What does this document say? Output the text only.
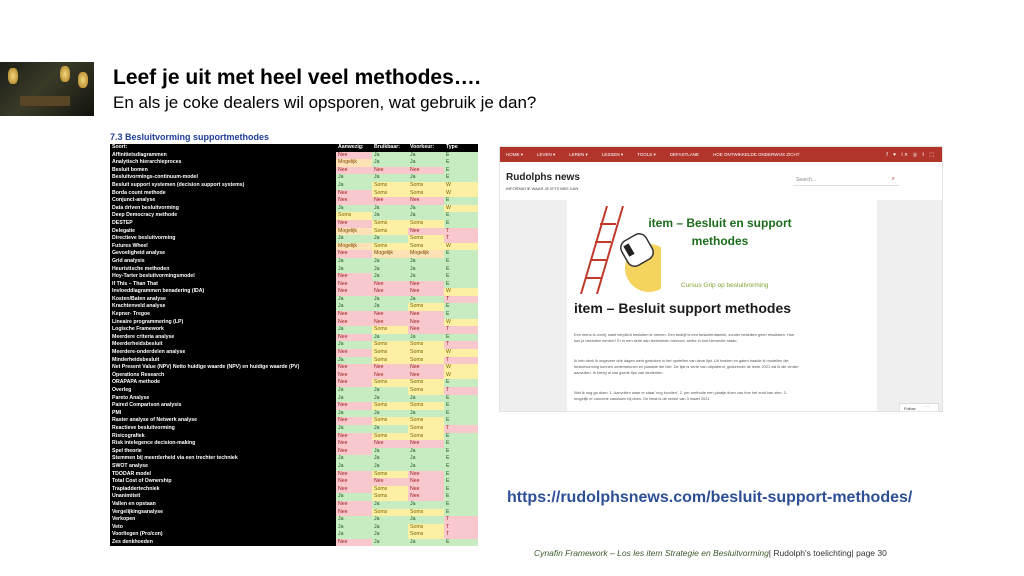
Leef je uit met heel veel methodes….
En als je coke dealers wil opsporen, wat gebruik je dan?
7.3 Besluitvorming supportmethodes
Soort:	Aanwezig:	Bruikbaar:	Voorkeur:	Type
Affinitietsdiagrammen	Nee	Ja	Ja	E
Analytisch hierarchieproces	Mogelijk	Ja	Ja	E
Besluit bomen	Nee	Nee	Nee	E
Besluitvormings-continuum-model	Ja	Ja	Ja	E
Besluit support systemen (decision support systems)	Ja	Soms	Soms	W
Borda count methode	Nee	Soms	Soms	W
Conjunct-analyse	Nee	Nee	Nee	E
Data driven besluitvorming	Ja	Ja	Ja	W
Deep Democracy methode	Soms	Ja	Ja	E
DESTEP	Nee	Soms	Soms	E
Delegatie	Mogelijk	Soms	Nee	T
Directieve besluitvorming	Ja	Ja	Soms	T
Futures Wheel	Mogelijk	Soms	Soms	W
Gevoeligheid analyse	Nee	Mogelijk	Mogelijk	E
Grid analysis	Ja	Ja	Ja	E
Heuristische methoden	Ja	Ja	Ja	E
Hoy-Tarter besluitvormingsmodel	Nee	Ja	Ja	E
If This – Than That	Nee	Nee	Nee	E
Invloeddiagrammen benadering (IDA)	Nee	Nee	Nee	W
Kosten/Baten analyse	Ja	Ja	Ja	T
Krachtenveld analyse	Ja	Ja	Soms	E
Kepner- Tregoe	Nee	Nee	Nee	E
Lineaire programmering (LP)	Nee	Nee	Nee	W
Logische Framework	Ja	Soms	Nee	T
Meerdere criteria analyse	Nee	Ja	Ja	E
Meerderheidsbesluit	Ja	Soms	Soms	T
Meerdere-onderdelen analyse	Nee	Soms	Soms	W
Minderheidsbesluit	Ja	Soms	Soms	T
Net Present Value (NPV) Netto huidige waarde (NPV) en huidige waarde (PV)	Nee	Nee	Nee	W
Operations Research	Nee	Nee	Nee	W
ORAPAPA methode	Nee	Soms	Soms	E
Overleg	Ja	Ja	Soms	T
Pareto Analyse	Ja	Ja	Ja	E
Paired Comparison analysis	Nee	Soms	Soms	E
PMI	Ja	Ja	Ja	E
Raster analyse of Netwerk analyse	Nee	Soms	Soms	E
Reactieve besluitvorming	Ja	Ja	Soms	T
Risicografiek	Nee	Soms	Soms	E
Risk intelegence decision-making	Nee	Nee	Nee	E
Spel theorie	Nee	Ja	Ja	E
Stemmen bij meerderheid via een trechter techniek	Ja	Ja	Ja	E
SWOT analyse	Ja	Ja	Ja	E
TDODAR model	Nee	Soms	Nee	E
Total Cost of Ownership	Nee	Nee	Nee	E
Trapladdertechniek	Nee	Soms	Nee	E
Unanimiteit	Ja	Soms	Nee	E
Vallen en opstaan	Nee	Ja	Ja	E
Vergelijkingsanalyse	Nee	Soms	Soms	E
Verkopen	Ja	Ja	Ja	T
Veto	Ja	Ja	Soms	T
Voorliegen (Pro/con)	Ja	Ja	Soms	T
Zes denkhoeden	Nee	Ja	Ja	E
HOME ▾	LEVEN ▾	LEREN ▾	LESSEN ▾	TOOLS ▾	DEFASTLANE	HOE ONTWIKKELDE ONDERWIJS ZICHT	f ♥ in ◎ t ⬚
Rudolphs news
INFORMATIE WAAR JE IETS MEE KAN
Search...	⌕
item – Besluit en support methodes
Cursus Grip op besluitvorming
item – Besluit support methodes
Een mens is onvrij, want verplicht besluiten te nemen. Een bedrijf is een besluitenfabriek, zonder besluiten geen resultaten. Hoe kun je besluiten nemen? Er is een serie aan technieken hiervoor, welke in kort hieronder staan.
Ik heb denk ik ongeveer drie dagen werk gestoken in het opstellen van deze lijst. Uit hoeken en gaten haalde ik modellen die besluitvorming kunnen ondersteunen en plaatste die hier. De lijst is verre van uitputtend, gedurende de lente 2021 zal ik die verder aanvullen. Ik kreeg al wat goede tips van studenten.
Wat ik nog ga doen: 1. Aanvullen waar er staat 'nog invullen', 2. per methode een plaatje doen van hoe het eruit kan zien, 3. mogelijk er concrete casussen bij doen. De tekst is de versie van 3 maart 2021
Follow	···
https://rudolphsnews.com/besluit-support-methodes/
Cynafin Framework – Los les item Strategie en Besluitvorming| Rudolph's toelichting| page 30
